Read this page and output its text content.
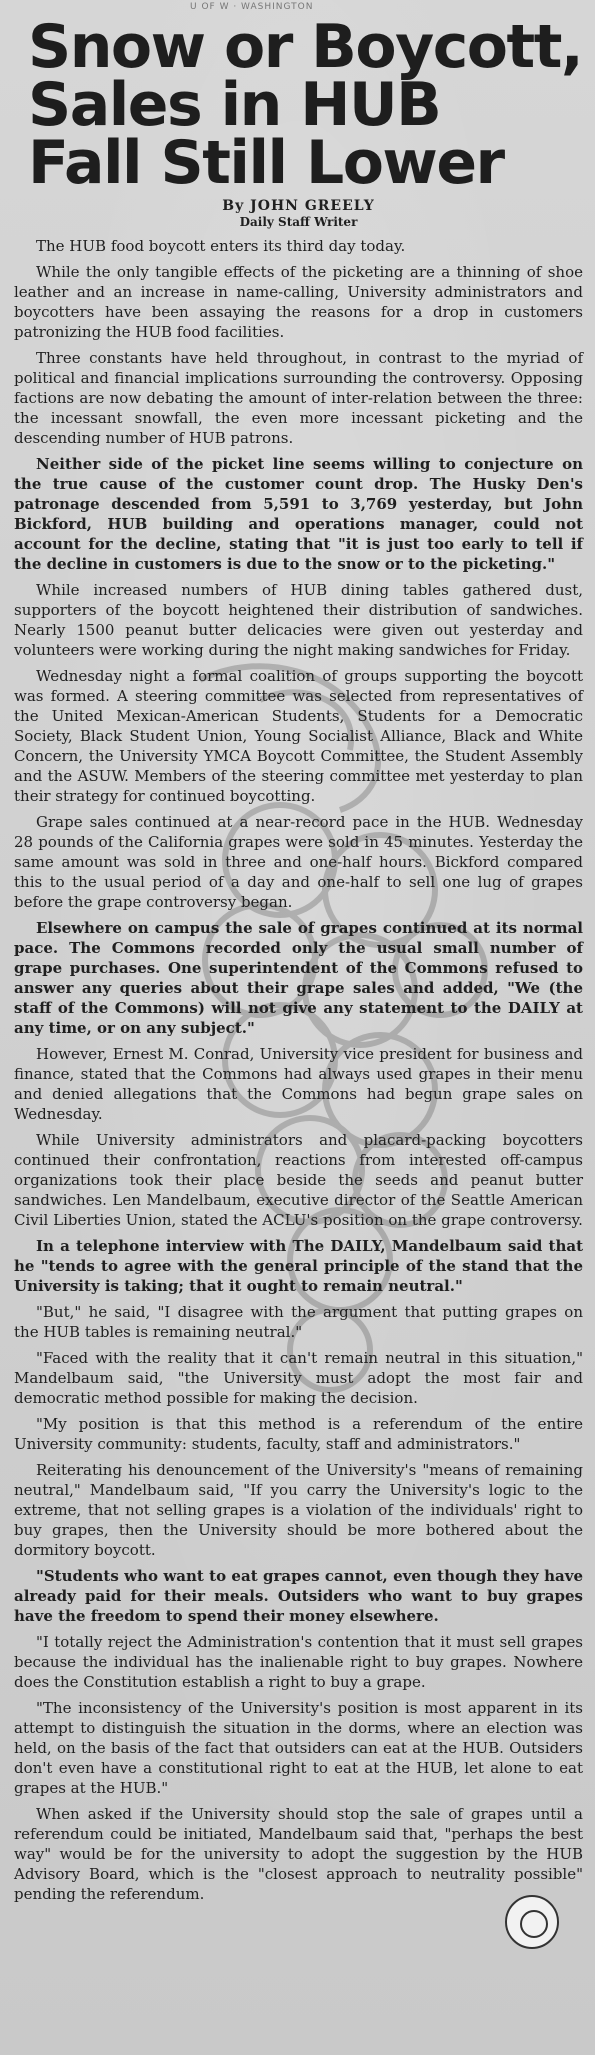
U OF W · WASHINGTON
Snow or Boycott,
Sales in HUB
Fall Still Lower
By JOHN GREELY
Daily Staff Writer

The HUB food boycott enters its third day today.

While the only tangible effects of the picketing are a thinning of shoe leather and an increase in name-calling, University administrators and boycotters have been assaying the reasons for a drop in customers patronizing the HUB food facilities.

Three constants have held throughout, in contrast to the myriad of political and financial implications surrounding the controversy. Opposing factions are now debating the amount of inter-relation between the three: the incessant snowfall, the even more incessant picketing and the descending number of HUB patrons.

Neither side of the picket line seems willing to conjecture on the true cause of the customer count drop. The Husky Den's patronage descended from 5,591 to 3,769 yesterday, but John Bickford, HUB building and operations manager, could not account for the decline, stating that "it is just too early to tell if the decline in customers is due to the snow or to the picketing."

While increased numbers of HUB dining tables gathered dust, supporters of the boycott heightened their distribution of sandwiches. Nearly 1500 peanut butter delicacies were given out yesterday and volunteers were working during the night making sandwiches for Friday.

Wednesday night a formal coalition of groups supporting the boycott was formed. A steering committee was selected from representatives of the United Mexican-American Students, Students for a Democratic Society, Black Student Union, Young Socialist Alliance, Black and White Concern, the University YMCA Boycott Committee, the Student Assembly and the ASUW. Members of the steering committee met yesterday to plan their strategy for continued boycotting.

Grape sales continued at a near-record pace in the HUB. Wednesday 28 pounds of the California grapes were sold in 45 minutes. Yesterday the same amount was sold in three and one-half hours. Bickford compared this to the usual period of a day and one-half to sell one lug of grapes before the grape controversy began.

Elsewhere on campus the sale of grapes continued at its normal pace. The Commons recorded only the usual small number of grape purchases. One superintendent of the Commons refused to answer any queries about their grape sales and added, "We (the staff of the Commons) will not give any statement to the DAILY at any time, or on any subject."

However, Ernest M. Conrad, University vice president for business and finance, stated that the Commons had always used grapes in their menu and denied allegations that the Commons had begun grape sales on Wednesday.

While University administrators and placard-packing boycotters continued their confrontation, reactions from interested off-campus organizations took their place beside the seeds and peanut butter sandwiches. Len Mandelbaum, executive director of the Seattle American Civil Liberties Union, stated the ACLU's position on the grape controversy.

In a telephone interview with The DAILY, Mandelbaum said that he "tends to agree with the general principle of the stand that the University is taking; that it ought to remain neutral."

"But," he said, "I disagree with the argument that putting grapes on the HUB tables is remaining neutral."

"Faced with the reality that it can't remain neutral in this situation," Mandelbaum said, "the University must adopt the most fair and democratic method possible for making the decision.

"My position is that this method is a referendum of the entire University community: students, faculty, staff and administrators."

Reiterating his denouncement of the University's "means of remaining neutral," Mandelbaum said, "If you carry the University's logic to the extreme, that not selling grapes is a violation of the individuals' right to buy grapes, then the University should be more bothered about the dormitory boycott.

"Students who want to eat grapes cannot, even though they have already paid for their meals. Outsiders who want to buy grapes have the freedom to spend their money elsewhere.

"I totally reject the Administration's contention that it must sell grapes because the individual has the inalienable right to buy grapes. Nowhere does the Constitution establish a right to buy a grape.

"The inconsistency of the University's position is most apparent in its attempt to distinguish the situation in the dorms, where an election was held, on the basis of the fact that outsiders can eat at the HUB. Outsiders don't even have a constitutional right to eat at the HUB, let alone to eat grapes at the HUB."

When asked if the University should stop the sale of grapes until a referendum could be initiated, Mandelbaum said that, "perhaps the best way" would be for the university to adopt the suggestion by the HUB Advisory Board, which is the "closest approach to neutrality possible" pending the referendum.
